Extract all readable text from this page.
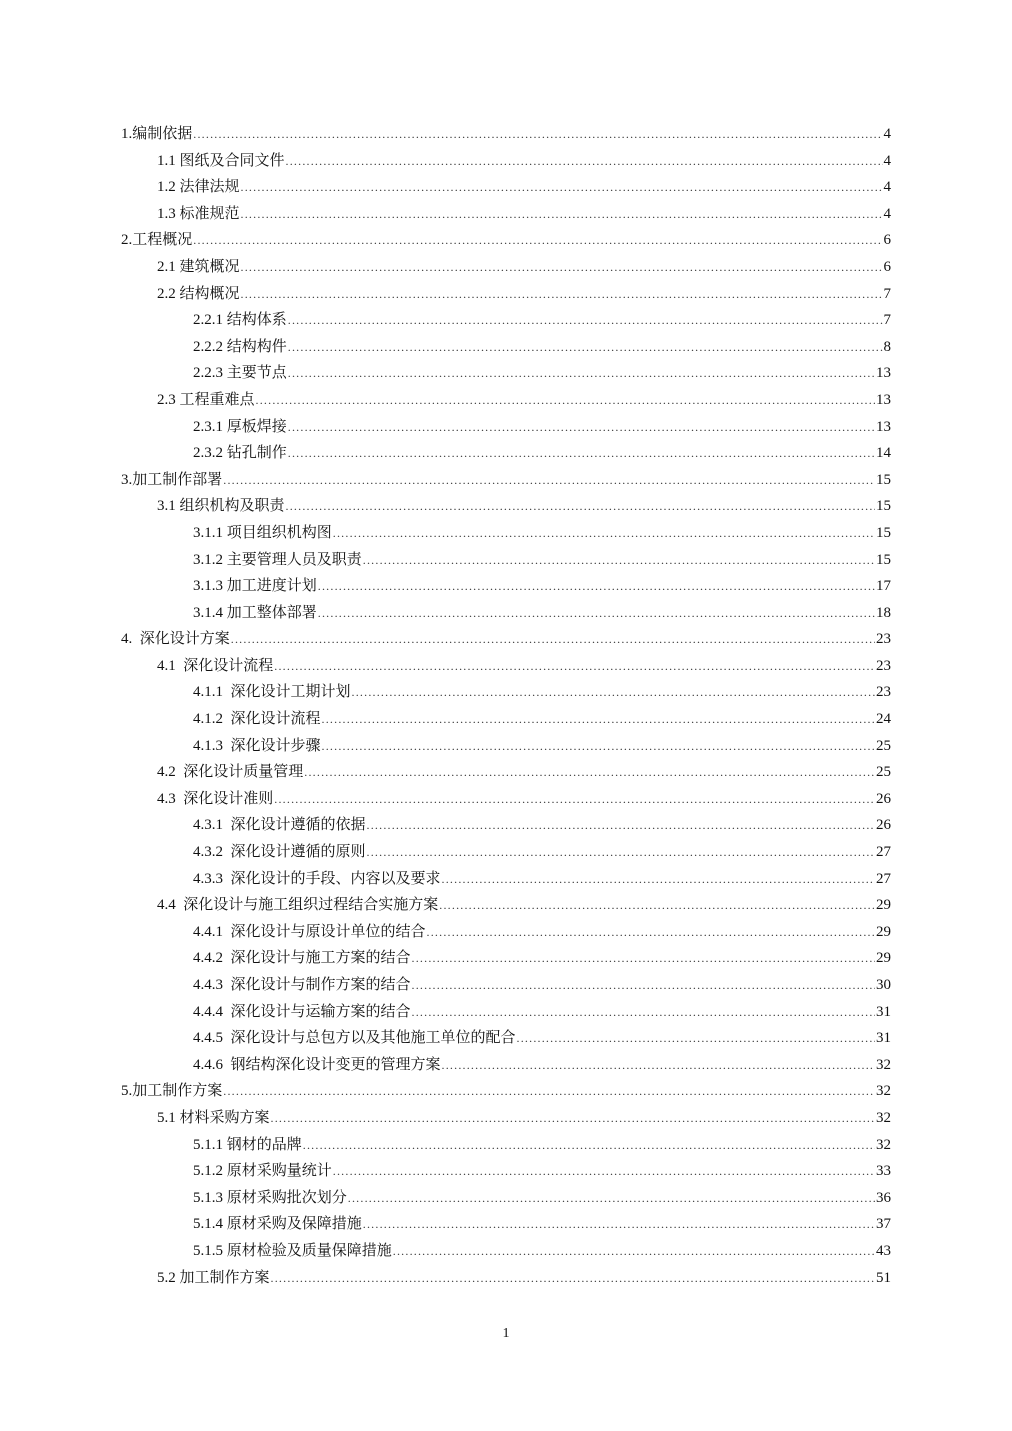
1.编制依据 .....	4
1.1 图纸及合同文件 .....	4
1.2 法律法规 .....	4
1.3 标准规范 .....	4
2.工程概况 .....	6
2.1 建筑概况 .....	6
2.2 结构概况 .....	7
2.2.1 结构体系 .....	7
2.2.2 结构构件 .....	8
2.2.3 主要节点 .....	13
2.3 工程重难点 .....	13
2.3.1 厚板焊接 .....	13
2.3.2 钻孔制作 .....	14
3.加工制作部署 .....	15
3.1 组织机构及职责 .....	15
3.1.1 项目组织机构图 .....	15
3.1.2 主要管理人员及职责 .....	15
3.1.3 加工进度计划 .....	17
3.1.4 加工整体部署 .....	18
4.  深化设计方案 .....	23
4.1  深化设计流程 .....	23
4.1.1  深化设计工期计划 .....	23
4.1.2  深化设计流程 .....	24
4.1.3  深化设计步骤 .....	25
4.2  深化设计质量管理 .....	25
4.3  深化设计准则 .....	26
4.3.1  深化设计遵循的依据 .....	26
4.3.2  深化设计遵循的原则 .....	27
4.3.3  深化设计的手段、内容以及要求 .....	27
4.4  深化设计与施工组织过程结合实施方案 .....	29
4.4.1  深化设计与原设计单位的结合 .....	29
4.4.2  深化设计与施工方案的结合 .....	29
4.4.3  深化设计与制作方案的结合 .....	30
4.4.4  深化设计与运输方案的结合 .....	31
4.4.5  深化设计与总包方以及其他施工单位的配合 .....	31
4.4.6  钢结构深化设计变更的管理方案 .....	32
5.加工制作方案 .....	32
5.1 材料采购方案 .....	32
5.1.1 钢材的品牌 .....	32
5.1.2 原材采购量统计 .....	33
5.1.3 原材采购批次划分 .....	36
5.1.4 原材采购及保障措施 .....	37
5.1.5 原材检验及质量保障措施 .....	43
5.2 加工制作方案 .....	51
1
